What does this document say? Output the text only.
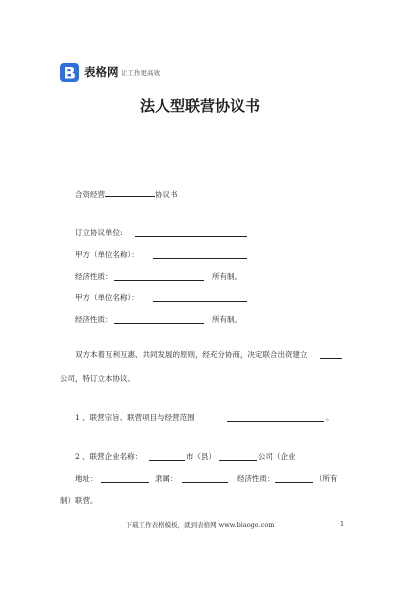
表格网 让工作更高效
法人型联营协议书
合资经营	协议书
订立协议单位:
甲方（单位名称）：
经济性质：	所有制。
甲方（单位名称）：
经济性质：	所有制。
双方本着互利互惠、共同发展的原则，经充分协商，决定联合出资建立
公司，特订立本协议。
1 、联营宗旨、联营项目与经营范围	。
2 、联营企业名称：	市（县）	公司（企业
地址：	隶属：	经济性质：	（所有
制）联营。
下载工作表格模板，就到表格网 www.biaoge.com	1
